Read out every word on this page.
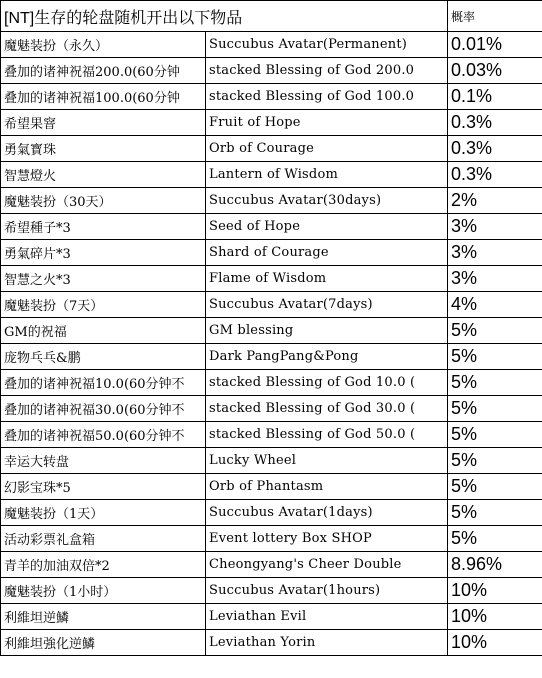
[NT]生存的轮盘随机开出以下物品		概率
魔魅装扮（永久）	Succubus Avatar(Permanent)	0.01%
叠加的诸神祝福200.0(60分钟	stacked Blessing of God 200.0	0.03%
叠加的诸神祝福100.0(60分钟	stacked Blessing of God 100.0	0.1%
希望果窨	Fruit of Hope	0.3%
勇氣寳珠	Orb of Courage	0.3%
智慧燈火	Lantern of Wisdom	0.3%
魔魅装扮（30天）	Succubus Avatar(30days)	2%
希望種子*3	Seed of Hope	3%
勇氣碎片*3	Shard of Courage	3%
智慧之火*3	Flame of Wisdom	3%
魔魅装扮（7天）	Succubus Avatar(7days)	4%
GM的祝福	GM blessing	5%
庞物乓乓&鹏	Dark PangPang&Pong	5%
叠加的诸神祝福10.0(60分钟不	stacked Blessing of God 10.0 (	5%
叠加的诸神祝福30.0(60分钟不	stacked Blessing of God 30.0 (	5%
叠加的诸神祝福50.0(60分钟不	stacked Blessing of God 50.0 (	5%
幸运大转盘	Lucky Wheel	5%
幻影宝珠*5	Orb of Phantasm	5%
魔魅装扮（1天）	Succubus Avatar(1days)	5%
活动彩票礼盒箱	Event lottery Box SHOP	5%
青羊的加油双倍*2	Cheongyang's Cheer Double	8.96%
魔魅装扮（1小时）	Succubus Avatar(1hours)	10%
利維坦逆鱗	Leviathan Evil	10%
利維坦強化逆鱗	Leviathan Yorin	10%
